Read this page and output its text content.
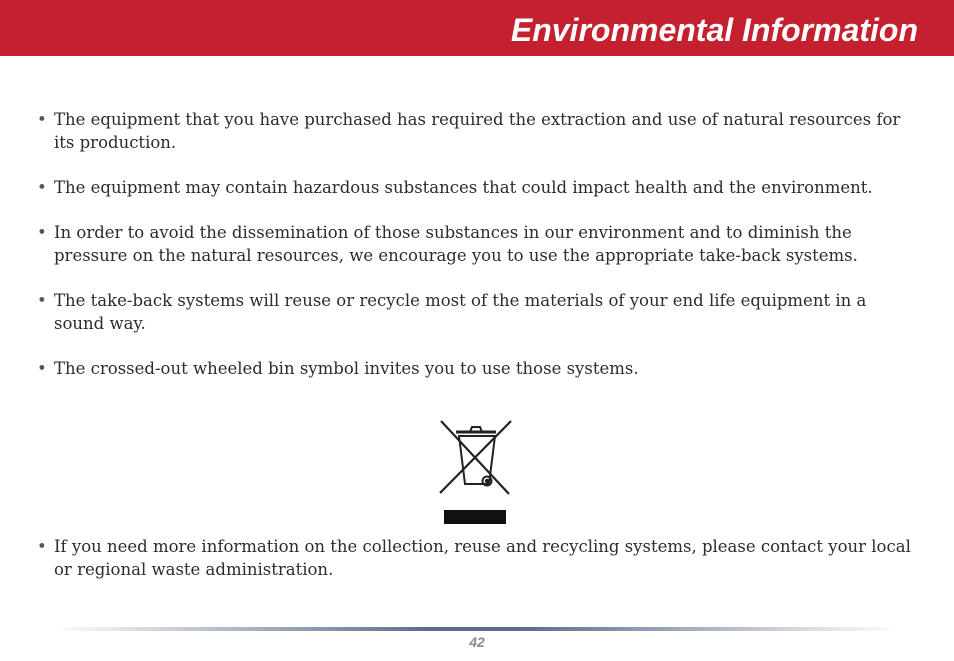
Environmental Information
• The equipment that you have purchased has required the extraction and use of natural resources for its production.
• The equipment may contain hazardous substances that could impact health and the environment.
• In order to avoid the dissemination of those substances in our environment and to diminish the pressure on the natural resources, we encourage you to use the appropriate take-back systems.
• The take-back systems will reuse or recycle most of the materials of your end life equipment in a sound way.
• The crossed-out wheeled bin symbol invites you to use those systems.
• If you need more information on the collection, reuse and recycling systems, please contact your local or regional waste administration.
42
